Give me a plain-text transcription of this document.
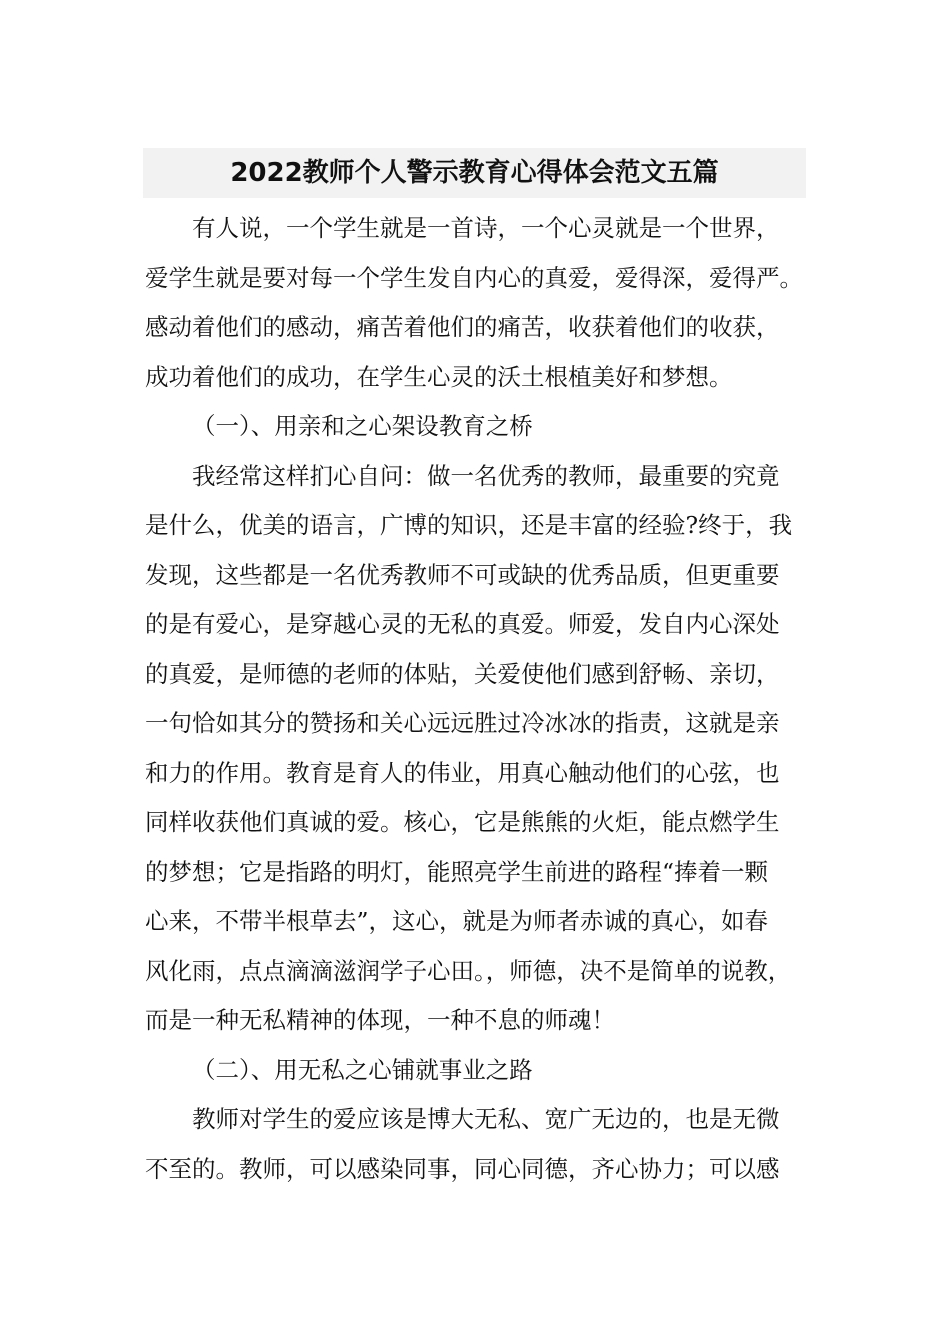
2022教师个人警示教育心得体会范文五篇
有人说，一个学生就是一首诗，一个心灵就是一个世界，
爱学生就是要对每一个学生发自内心的真爱，爱得深，爱得严。
感动着他们的感动，痛苦着他们的痛苦，收获着他们的收获，
成功着他们的成功，在学生心灵的沃土根植美好和梦想。
（一）、用亲和之心架设教育之桥
我经常这样扪心自问：做一名优秀的教师，最重要的究竟
是什么，优美的语言，广博的知识，还是丰富的经验?终于，我
发现，这些都是一名优秀教师不可或缺的优秀品质，但更重要
的是有爱心，是穿越心灵的无私的真爱。师爱，发自内心深处
的真爱，是师德的老师的体贴，关爱使他们感到舒畅、亲切，
一句恰如其分的赞扬和关心远远胜过冷冰冰的指责，这就是亲
和力的作用。教育是育人的伟业，用真心触动他们的心弦，也
同样收获他们真诚的爱。核心，它是熊熊的火炬，能点燃学生
的梦想；它是指路的明灯，能照亮学生前进的路程“捧着一颗
心来，不带半根草去”，这心，就是为师者赤诚的真心，如春
风化雨，点点滴滴滋润学子心田。，师德，决不是简单的说教，
而是一种无私精神的体现，一种不息的师魂！
（二）、用无私之心铺就事业之路
教师对学生的爱应该是博大无私、宽广无边的，也是无微
不至的。教师，可以感染同事，同心同德，齐心协力；可以感
